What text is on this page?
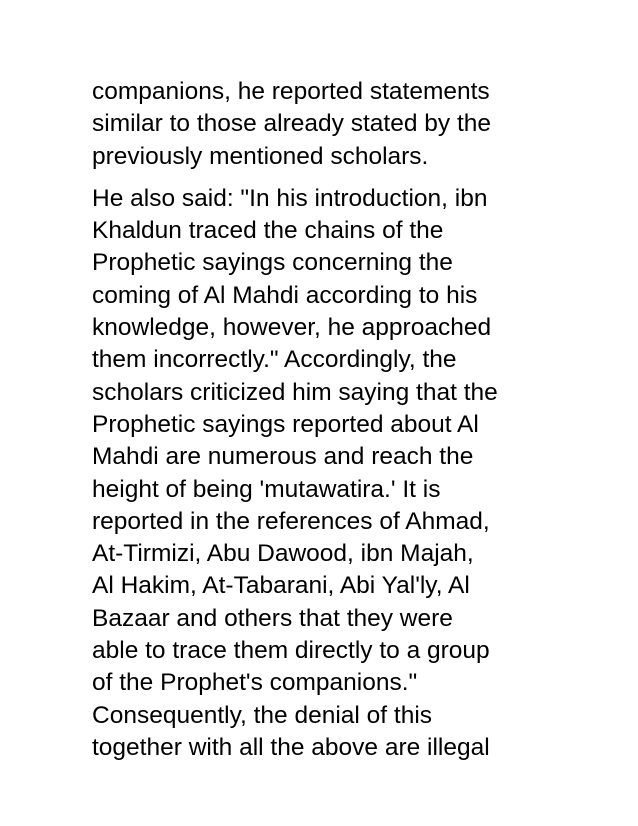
companions, he reported statements
similar to those already stated by the
previously mentioned scholars.

He also said: "In his introduction, ibn
Khaldun traced the chains of the
Prophetic sayings concerning the
coming of Al Mahdi according to his
knowledge, however, he approached
them incorrectly." Accordingly, the
scholars criticized him saying that the
Prophetic sayings reported about Al
Mahdi are numerous and reach the
height of being 'mutawatira.' It is
reported in the references of Ahmad,
At-Tirmizi, Abu Dawood, ibn Majah,
Al Hakim, At-Tabarani, Abi Yal'ly, Al
Bazaar and others that they were
able to trace them directly to a group
of the Prophet's companions."
Consequently, the denial of this
together with all the above are illegal
